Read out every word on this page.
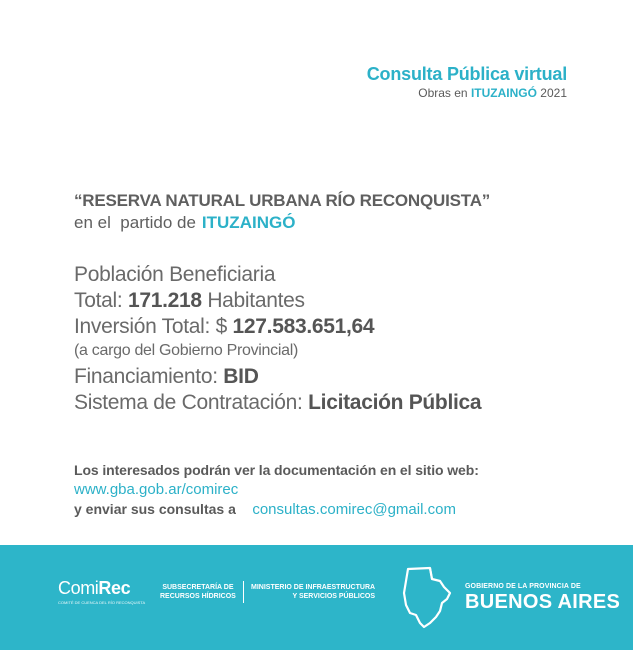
Consulta Pública virtual
Obras en ITUZAINGÓ 2021
“RESERVA NATURAL URBANA RÍO RECONQUISTA”
en el  partido de ITUZAINGÓ
Población Beneficiaria
Total: 171.218 Habitantes
Inversión Total: $ 127.583.651,64
(a cargo del Gobierno Provincial)
Financiamiento: BID
Sistema de Contratación: Licitación Pública
Los interesados podrán ver la documentación en el sitio web:
www.gba.gob.ar/comirec
y enviar sus consultas a consultas.comirec@gmail.com
ComiRec
COMITÉ DE CUENCA DEL RÍO RECONQUISTA
SUBSECRETARÍA DE
RECURSOS HÍDRICOS
MINISTERIO DE INFRAESTRUCTURA
Y SERVICIOS PÚBLICOS
GOBIERNO DE LA PROVINCIA DE
BUENOS AIRES
